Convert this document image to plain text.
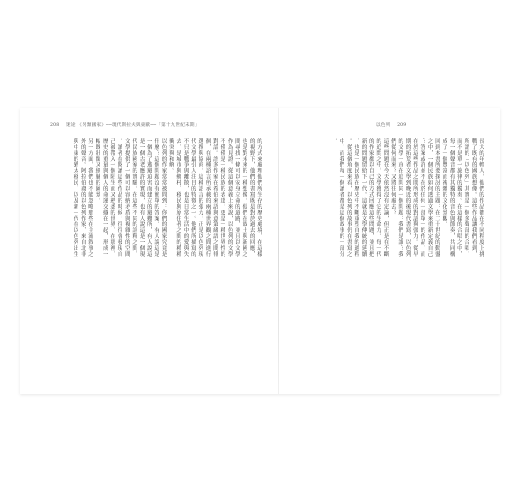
208 迷途 《另類國家》──現代斯拉夫與東歐──「第十九世紀末期」	以色列 209
的方式來處理他們所生存的歷史處境，在這樣
的視野下，他們的書寫既是對於過去的回應，
也是對未來的一種想像。他們在故土與新國之
間尋找一條可以安身立命的道路，並且以文學
作為見證。從這個意義上來說，以色列的文學
不僅僅是一種民族的表達，更是一種世界性的
對話。許多作家在希伯來語與意第緒語之間徘
徊，在兩種語言所承載的兩種世界觀之間進行
選擇與協商。這種語言的張力，正是以色列現
代文學最引人注目的特徵之一。他們所描寫的
不只是戰爭與離散，也是日常生活中的愛與失
去，是城市與鄉村、移民與原住者之間的種種
衝突與和解。
以色列的作家常常被問到：你們的國家究竟是
什麼？這個問題沒有簡單的答案。有人說這是
一個為了逃避迫害而建立的避難所，有人說這
是一個古老應許的實現，也有人說這是一個現
代民族國家的實驗。在這些不同的詮釋之間，
文學提供了一個可以容納矛盾與複雜性的空間
。讀者在閱讀這些作品的時候，往往會發現自
己被帶入一個陌生而又熟悉的世界，在那裡，
歷史的重量與個人的命運交織在一起，形成一
幅既壯闊又細膩的圖景。
另一方面，我們也不能忽略那些在主流敘事之
外的聲音。阿拉伯裔的以色列作家、來自北非
與中東的猶太移民、以及新一代在以色列出生	長大的年輕人，他們的作品都在不同程度上挑
戰了既有的國族想像。這些作品讓我們看到，
所謂的「以色列」其實是一個多聲部的合唱，
而不是單一旋律的獨奏。在這樣的合唱之中，
每一個聲音都有其獨特的音色與節奏，共同構
成了一個豐富而複雜的文化景觀。
回到本書所要探討的主題：在二十世紀的動盪
之中，一個民族如何透過文學來重新定義自己
？答案或許並不在於任何一部單一的作品，而
在於這些作品之間所形成的對話與張力。從早
期的拓荒者文學到晚近的後現代書寫，以色列
的文學一直在追問同一個問題：我們是誰？我
們從何而來？又將往何處去？
這些問題在今天依然沒有定論，但正是在不斷
的追問之中，文學獲得了它的生命力。每一代
的作家都以自己的方式回應這些問題，並且把
新的問題留給下一代。這就是文學傳統的延續
，也是一個民族在歷史中不斷重塑自我的過程
。從這個角度來看，以色列的故事仍在書寫之
中，而我們每一個讀者都是這個故事的一部分
。
